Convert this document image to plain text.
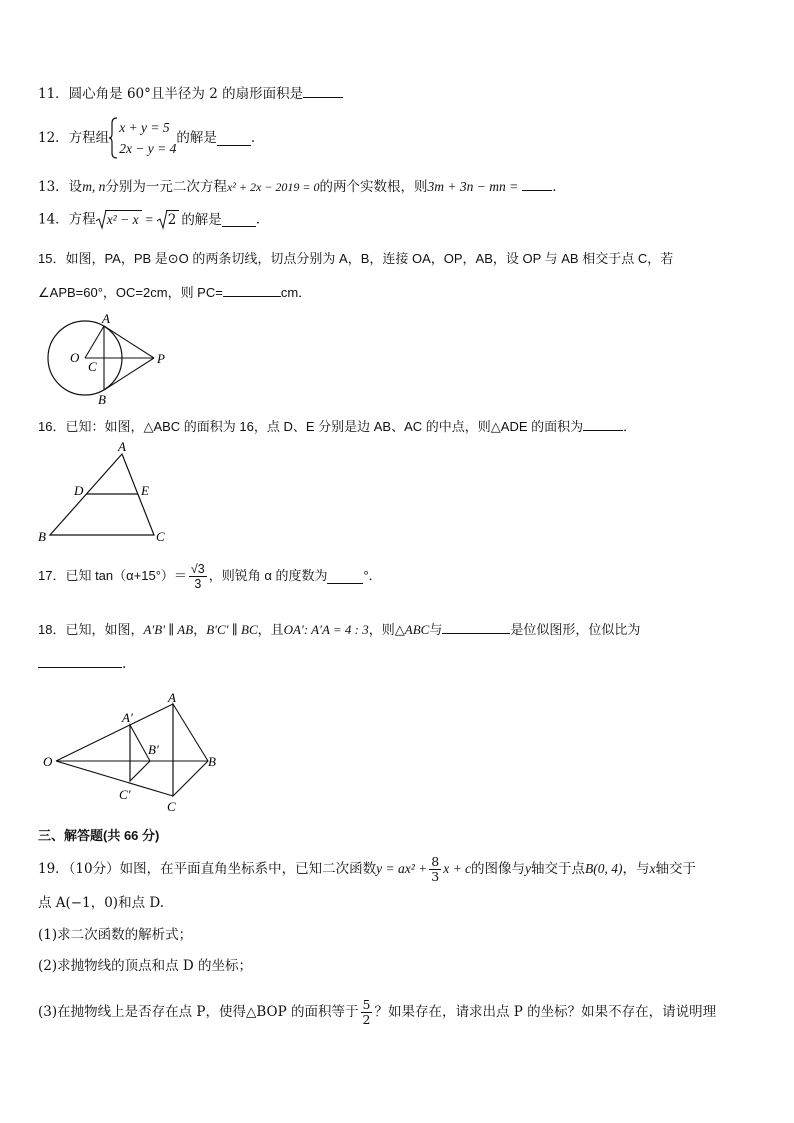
11．圆心角是 60°且半径为 2 的扇形面积是
12．方程组
x + y = 5
2x − y = 4
的解是	．
13．设m, n分别为一元二次方程x² + 2x − 2019 = 0的两个实数根，则3m + 3n − mn =	．
14．方程 x² − x = 2 的解是	．
15．如图，PA，PB 是⊙O 的两条切线，切点分别为 A，B，连接 OA，OP，AB，设 OP 与 AB 相交于点 C，若
∠APB=60°，OC=2cm，则 PC=	cm．
A
O
C
P
B
16．已知：如图，△ABC 的面积为 16，点 D、E 分别是边 AB、AC 的中点，则△ADE 的面积为	．
A
D	E
B	C
17．已知 $\tan(\alpha+15^\circ)= \frac{√3}{3}$ ，则锐角 α 的度数为	°．
18．已知，如图，A′B′ ∥ AB，B′C′ ∥ BC，且OA′: A′A = 4 : 3，则△ABC与	是位似图形，位似比为
.
A
A′
B′
O	B
C′
C
三、解答题(共 66 分)
19．（10分）如图，在平面直角坐标系中，已知二次函数 $y = ax^2 + \frac{8}{3}$ x + c 的图像与 y 轴交于点 B(0, 4) ，与 x 轴交于
点 A(−1，0)和点 D.
(1)求二次函数的解析式；
(2)求抛物线的顶点和点 D 的坐标；
(3)在抛物线上是否存在点 P，使得△BOP 的面积等于 $\frac{5}{2}$ ？如果存在，请求出点 P 的坐标？如果不存在，请说明理
